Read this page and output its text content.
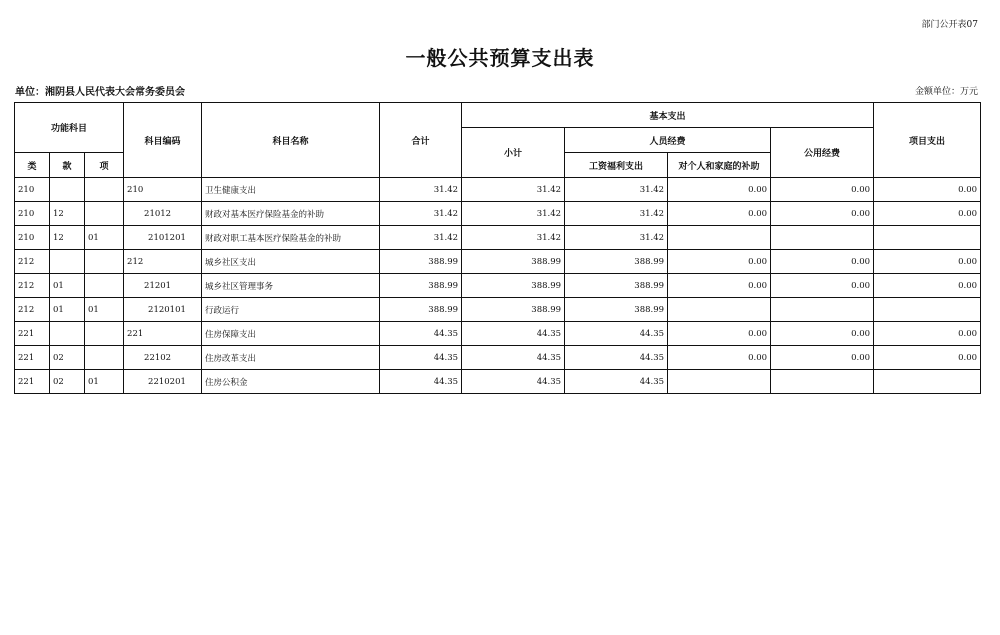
部门公开表07
一般公共预算支出表
单位：湘阴县人民代表大会常务委员会	金额单位：万元
功能科目			科目编码	科目名称	合计	基本支出				项目支出
						小计	人员经费		公用经费	
类	款	项					工资福利支出	对个人和家庭的补助		

210			210	卫生健康支出	31.42	31.42	31.42	0.00	0.00	0.00
210	12		21012	财政对基本医疗保险基金的补助	31.42	31.42	31.42	0.00	0.00	0.00
210	12	01	2101201	财政对职工基本医疗保险基金的补助	31.42	31.42	31.42			
212			212	城乡社区支出	388.99	388.99	388.99	0.00	0.00	0.00
212	01		21201	城乡社区管理事务	388.99	388.99	388.99	0.00	0.00	0.00
212	01	01	2120101	行政运行	388.99	388.99	388.99			
221			221	住房保障支出	44.35	44.35	44.35	0.00	0.00	0.00
221	02		22102	住房改革支出	44.35	44.35	44.35	0.00	0.00	0.00
221	02	01	2210201	住房公积金	44.35	44.35	44.35			
